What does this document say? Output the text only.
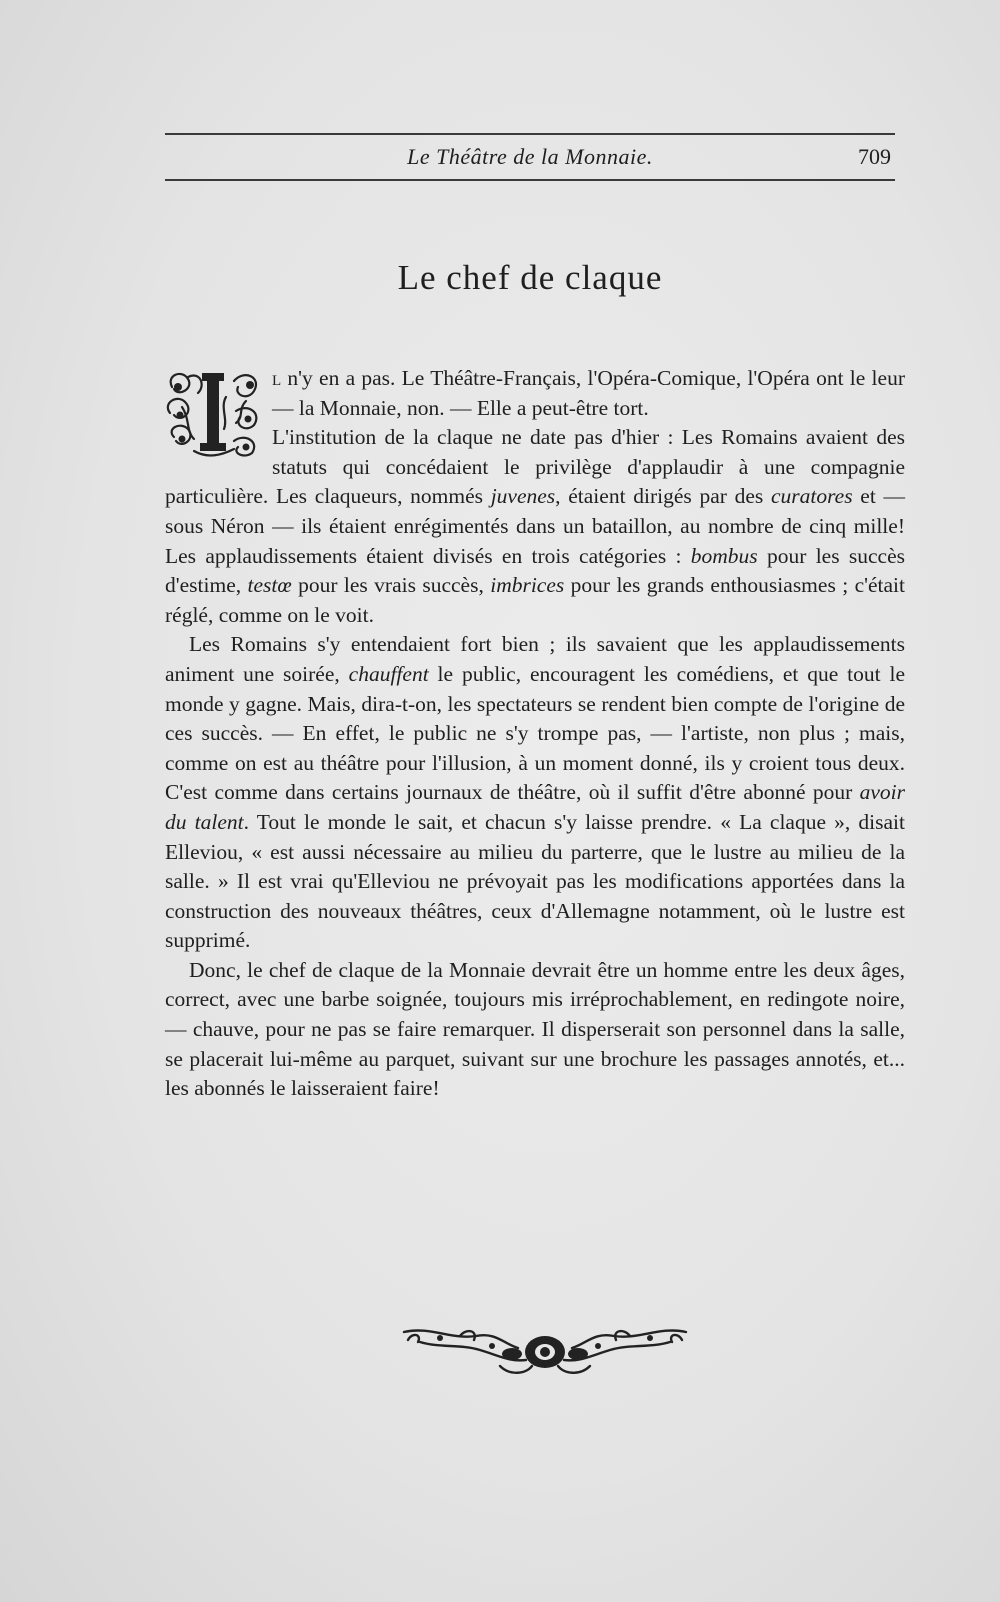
Le Théâtre de la Monnaie.	709
Le chef de claque

l n'y en a pas. Le Théâtre-Français, l'Opéra-Comique, l'Opéra ont le leur — la Monnaie, non. — Elle a peut-être tort.

L'institution de la claque ne date pas d'hier : Les Romains avaient des statuts qui concédaient le privilège d'applaudir à une compagnie particulière. Les claqueurs, nommés juvenes, étaient dirigés par des curatores et — sous Néron — ils étaient enrégimentés dans un bataillon, au nombre de cinq mille! Les applaudissements étaient divisés en trois catégories : bombus pour les succès d'estime, testœ pour les vrais succès, imbrices pour les grands enthousiasmes ; c'était réglé, comme on le voit.

Les Romains s'y entendaient fort bien ; ils savaient que les applaudissements animent une soirée, chauffent le public, encouragent les comédiens, et que tout le monde y gagne. Mais, dira-t-on, les spectateurs se rendent bien compte de l'origine de ces succès. — En effet, le public ne s'y trompe pas, — l'artiste, non plus ; mais, comme on est au théâtre pour l'illusion, à un moment donné, ils y croient tous deux. C'est comme dans certains journaux de théâtre, où il suffit d'être abonné pour avoir du talent. Tout le monde le sait, et chacun s'y laisse prendre. « La claque », disait Elleviou, « est aussi nécessaire au milieu du parterre, que le lustre au milieu de la salle. » Il est vrai qu'Elleviou ne prévoyait pas les modifications apportées dans la construction des nouveaux théâtres, ceux d'Allemagne notamment, où le lustre est supprimé.

Donc, le chef de claque de la Monnaie devrait être un homme entre les deux âges, correct, avec une barbe soignée, toujours mis irréprochablement, en redingote noire, — chauve, pour ne pas se faire remarquer. Il disperserait son personnel dans la salle, se placerait lui-même au parquet, suivant sur une brochure les passages annotés, et... les abonnés le laisseraient faire!
